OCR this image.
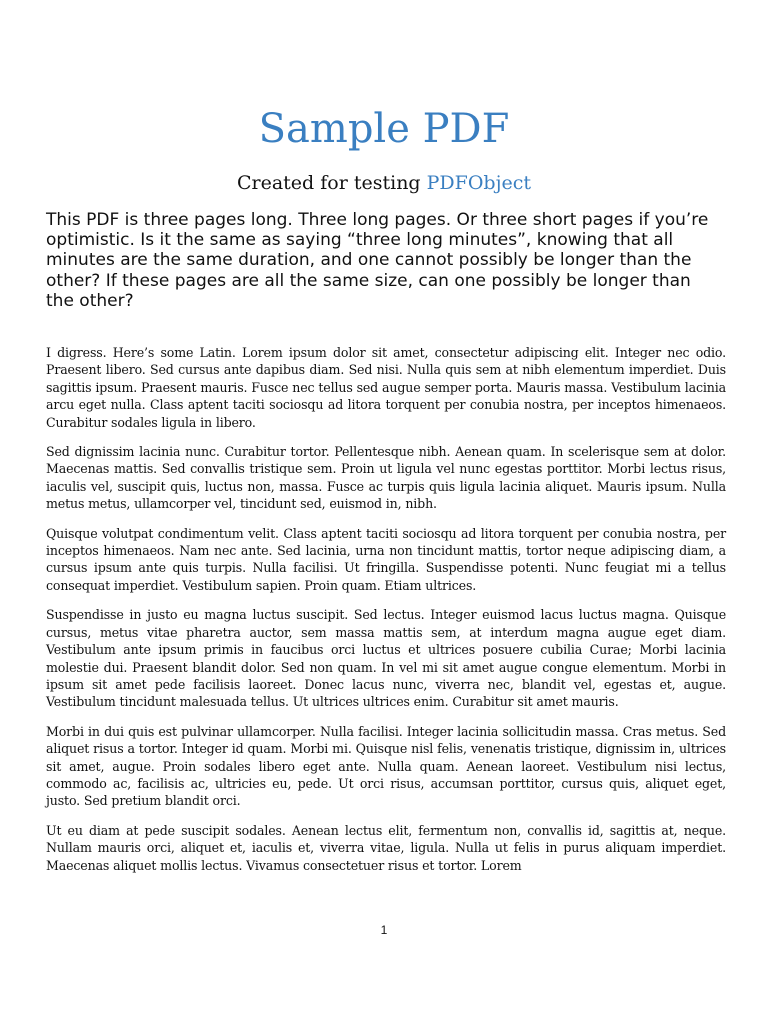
Sample PDF

Created for testing PDFObject

This PDF is three pages long. Three long pages. Or three short pages if you’re optimistic. Is it the same as saying “three long minutes”, knowing that all minutes are the same duration, and one cannot possibly be longer than the other? If these pages are all the same size, can one possibly be longer than the other?

I digress. Here’s some Latin. Lorem ipsum dolor sit amet, consectetur adipiscing elit. Integer nec odio. Praesent libero. Sed cursus ante dapibus diam. Sed nisi. Nulla quis sem at nibh elementum imperdiet. Duis sagittis ipsum. Praesent mauris. Fusce nec tellus sed augue semper porta. Mauris massa. Vestibulum lacinia arcu eget nulla. Class aptent taciti sociosqu ad litora torquent per conubia nostra, per inceptos himenaeos. Curabitur sodales ligula in libero.

Sed dignissim lacinia nunc. Curabitur tortor. Pellentesque nibh. Aenean quam. In scelerisque sem at dolor. Maecenas mattis. Sed convallis tristique sem. Proin ut ligula vel nunc egestas porttitor. Morbi lectus risus, iaculis vel, suscipit quis, luctus non, massa. Fusce ac turpis quis ligula lacinia aliquet. Mauris ipsum. Nulla metus metus, ullamcorper vel, tincidunt sed, euismod in, nibh.

Quisque volutpat condimentum velit. Class aptent taciti sociosqu ad litora torquent per conubia nostra, per inceptos himenaeos. Nam nec ante. Sed lacinia, urna non tincidunt mattis, tortor neque adipiscing diam, a cursus ipsum ante quis turpis. Nulla facilisi. Ut fringilla. Suspendisse potenti. Nunc feugiat mi a tellus consequat imperdiet. Vestibulum sapien. Proin quam. Etiam ultrices.

Suspendisse in justo eu magna luctus suscipit. Sed lectus. Integer euismod lacus luctus magna. Quisque cursus, metus vitae pharetra auctor, sem massa mattis sem, at interdum magna augue eget diam. Vestibulum ante ipsum primis in faucibus orci luctus et ultrices posuere cubilia Curae; Morbi lacinia molestie dui. Praesent blandit dolor. Sed non quam. In vel mi sit amet augue congue elementum. Morbi in ipsum sit amet pede facilisis laoreet. Donec lacus nunc, viverra nec, blandit vel, egestas et, augue. Vestibulum tincidunt malesuada tellus. Ut ultrices ultrices enim. Curabitur sit amet mauris.

Morbi in dui quis est pulvinar ullamcorper. Nulla facilisi. Integer lacinia sollicitudin massa. Cras metus. Sed aliquet risus a tortor. Integer id quam. Morbi mi. Quisque nisl felis, venenatis tristique, dignissim in, ultrices sit amet, augue. Proin sodales libero eget ante. Nulla quam. Aenean laoreet. Vestibulum nisi lectus, commodo ac, facilisis ac, ultricies eu, pede. Ut orci risus, accumsan porttitor, cursus quis, aliquet eget, justo. Sed pretium blandit orci.

Ut eu diam at pede suscipit sodales. Aenean lectus elit, fermentum non, convallis id, sagittis at, neque. Nullam mauris orci, aliquet et, iaculis et, viverra vitae, ligula. Nulla ut felis in purus aliquam imperdiet. Maecenas aliquet mollis lectus. Vivamus consectetuer risus et tortor. Lorem

1
